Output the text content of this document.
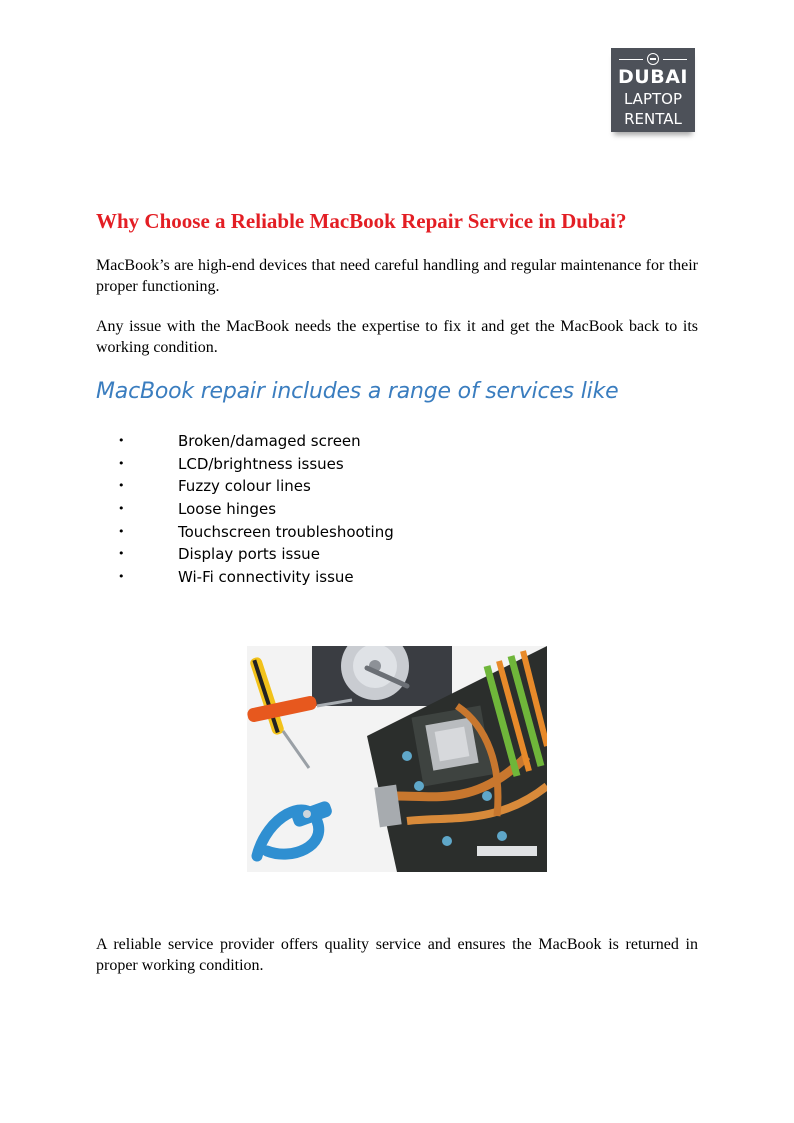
DUBAI
LAPTOP
RENTAL
Why Choose a Reliable MacBook Repair Service in Dubai?

MacBook’s are high-end devices that need careful handling and regular maintenance for their proper functioning.

Any issue with the MacBook needs the expertise to fix it and get the MacBook back to its working condition.

MacBook repair includes a range of services like
•	Broken/damaged screen
•	LCD/brightness issues
•	Fuzzy colour lines
•	Loose hinges
•	Touchscreen troubleshooting
•	Display ports issue
•	Wi-Fi connectivity issue

A reliable service provider offers quality service and ensures the MacBook is returned in proper working condition.
